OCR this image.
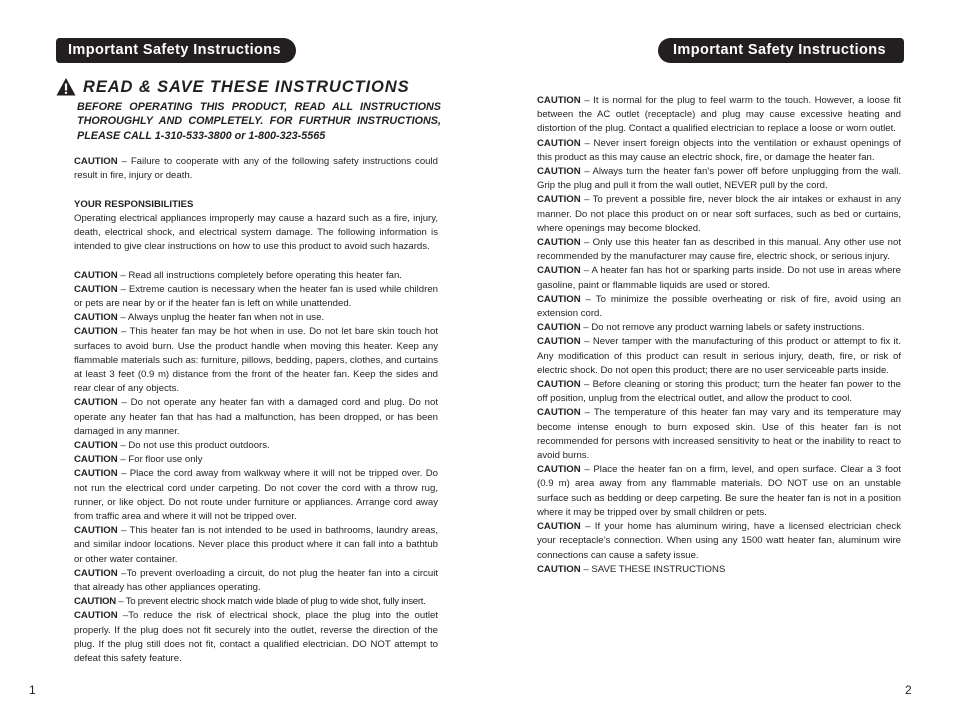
Important Safety Instructions
READ & SAVE THESE INSTRUCTIONS
BEFORE OPERATING THIS PRODUCT, READ ALL INSTRUCTIONS
THOROUGHLY AND COMPLETELY. FOR FURTHUR INSTRUCTIONS,
PLEASE CALL 1-310-533-3800 or 1-800-323-5565

CAUTION – Failure to cooperate with any of the following safety instructions could result in fire, injury or death.

YOUR RESPONSIBILITIES

Operating electrical appliances improperly may cause a hazard such as a fire, injury, death, electrical shock, and electrical system damage. The following information is intended to give clear instructions on how to use this product to avoid such hazards.

CAUTION – Read all instructions completely before operating this heater fan.

CAUTION – Extreme caution is necessary when the heater fan is used while children or pets are near by or if the heater fan is left on while unattended.

CAUTION – Always unplug the heater fan when not in use.

CAUTION – This heater fan may be hot when in use. Do not let bare skin touch hot surfaces to avoid burn. Use the product handle when moving this heater. Keep any flammable materials such as: furniture, pillows, bedding, papers, clothes, and curtains at least 3 feet (0.9 m) distance from the front of the heater fan. Keep the sides and rear clear of any objects.

CAUTION – Do not operate any heater fan with a damaged cord and plug. Do not operate any heater fan that has had a malfunction, has been dropped, or has been damaged in any manner.

CAUTION – Do not use this product outdoors.

CAUTION – For floor use only

CAUTION – Place the cord away from walkway where it will not be tripped over. Do not run the electrical cord under carpeting. Do not cover the cord with a throw rug, runner, or like object. Do not route under furniture or appliances. Arrange cord away from traffic area and where it will not be tripped over.

CAUTION – This heater fan is not intended to be used in bathrooms, laundry areas, and similar indoor locations. Never place this product where it can fall into a bathtub or other water container.

CAUTION –To prevent overloading a circuit, do not plug the heater fan into a circuit that already has other appliances operating.

CAUTION – To prevent electric shock match wide blade of plug to wide shot, fully insert.

CAUTION –To reduce the risk of electrical shock, place the plug into the outlet properly. If the plug does not fit securely into the outlet, reverse the direction of the plug. If the plug still does not fit, contact a qualified electrician. DO NOT attempt to defeat this safety feature.

1
Important Safety Instructions

CAUTION – It is normal for the plug to feel warm to the touch. However, a loose fit between the AC outlet (receptacle) and plug may cause excessive heating and distortion of the plug. Contact a qualified electrician to replace a loose or worn outlet.

CAUTION – Never insert foreign objects into the ventilation or exhaust openings of this product as this may cause an electric shock, fire, or damage the heater fan.

CAUTION – Always turn the heater fan’s power off before unplugging from the wall. Grip the plug and pull it from the wall outlet, NEVER pull by the cord.

CAUTION – To prevent a possible fire, never block the air intakes or exhaust in any manner. Do not place this product on or near soft surfaces, such as bed or curtains, where openings may become blocked.

CAUTION – Only use this heater fan as described in this manual. Any other use not recommended by the manufacturer may cause fire, electric shock, or serious injury.

CAUTION – A heater fan has hot or sparking parts inside. Do not use in areas where gasoline, paint or flammable liquids are used or stored.

CAUTION – To minimize the possible overheating or risk of fire, avoid using an extension cord.

CAUTION – Do not remove any product warning labels or safety instructions.

CAUTION – Never tamper with the manufacturing of this product or attempt to fix it. Any modification of this product can result in serious injury, death, fire, or risk of electric shock. Do not open this product; there are no user serviceable parts inside.

CAUTION – Before cleaning or storing this product; turn the heater fan power to the off position, unplug from the electrical outlet, and allow the product to cool.

CAUTION – The temperature of this heater fan may vary and its temperature may become intense enough to burn exposed skin. Use of this heater fan is not recommended for persons with increased sensitivity to heat or the inability to react to avoid burns.

CAUTION – Place the heater fan on a firm, level, and open surface. Clear a 3 foot (0.9 m) area away from any flammable materials. DO NOT use on an unstable surface such as bedding or deep carpeting. Be sure the heater fan is not in a position where it may be tripped over by small children or pets.

CAUTION – If your home has aluminum wiring, have a licensed electrician check your receptacle’s connection. When using any 1500 watt heater fan, aluminum wire connections can cause a safety issue.

CAUTION – SAVE THESE INSTRUCTIONS

2
